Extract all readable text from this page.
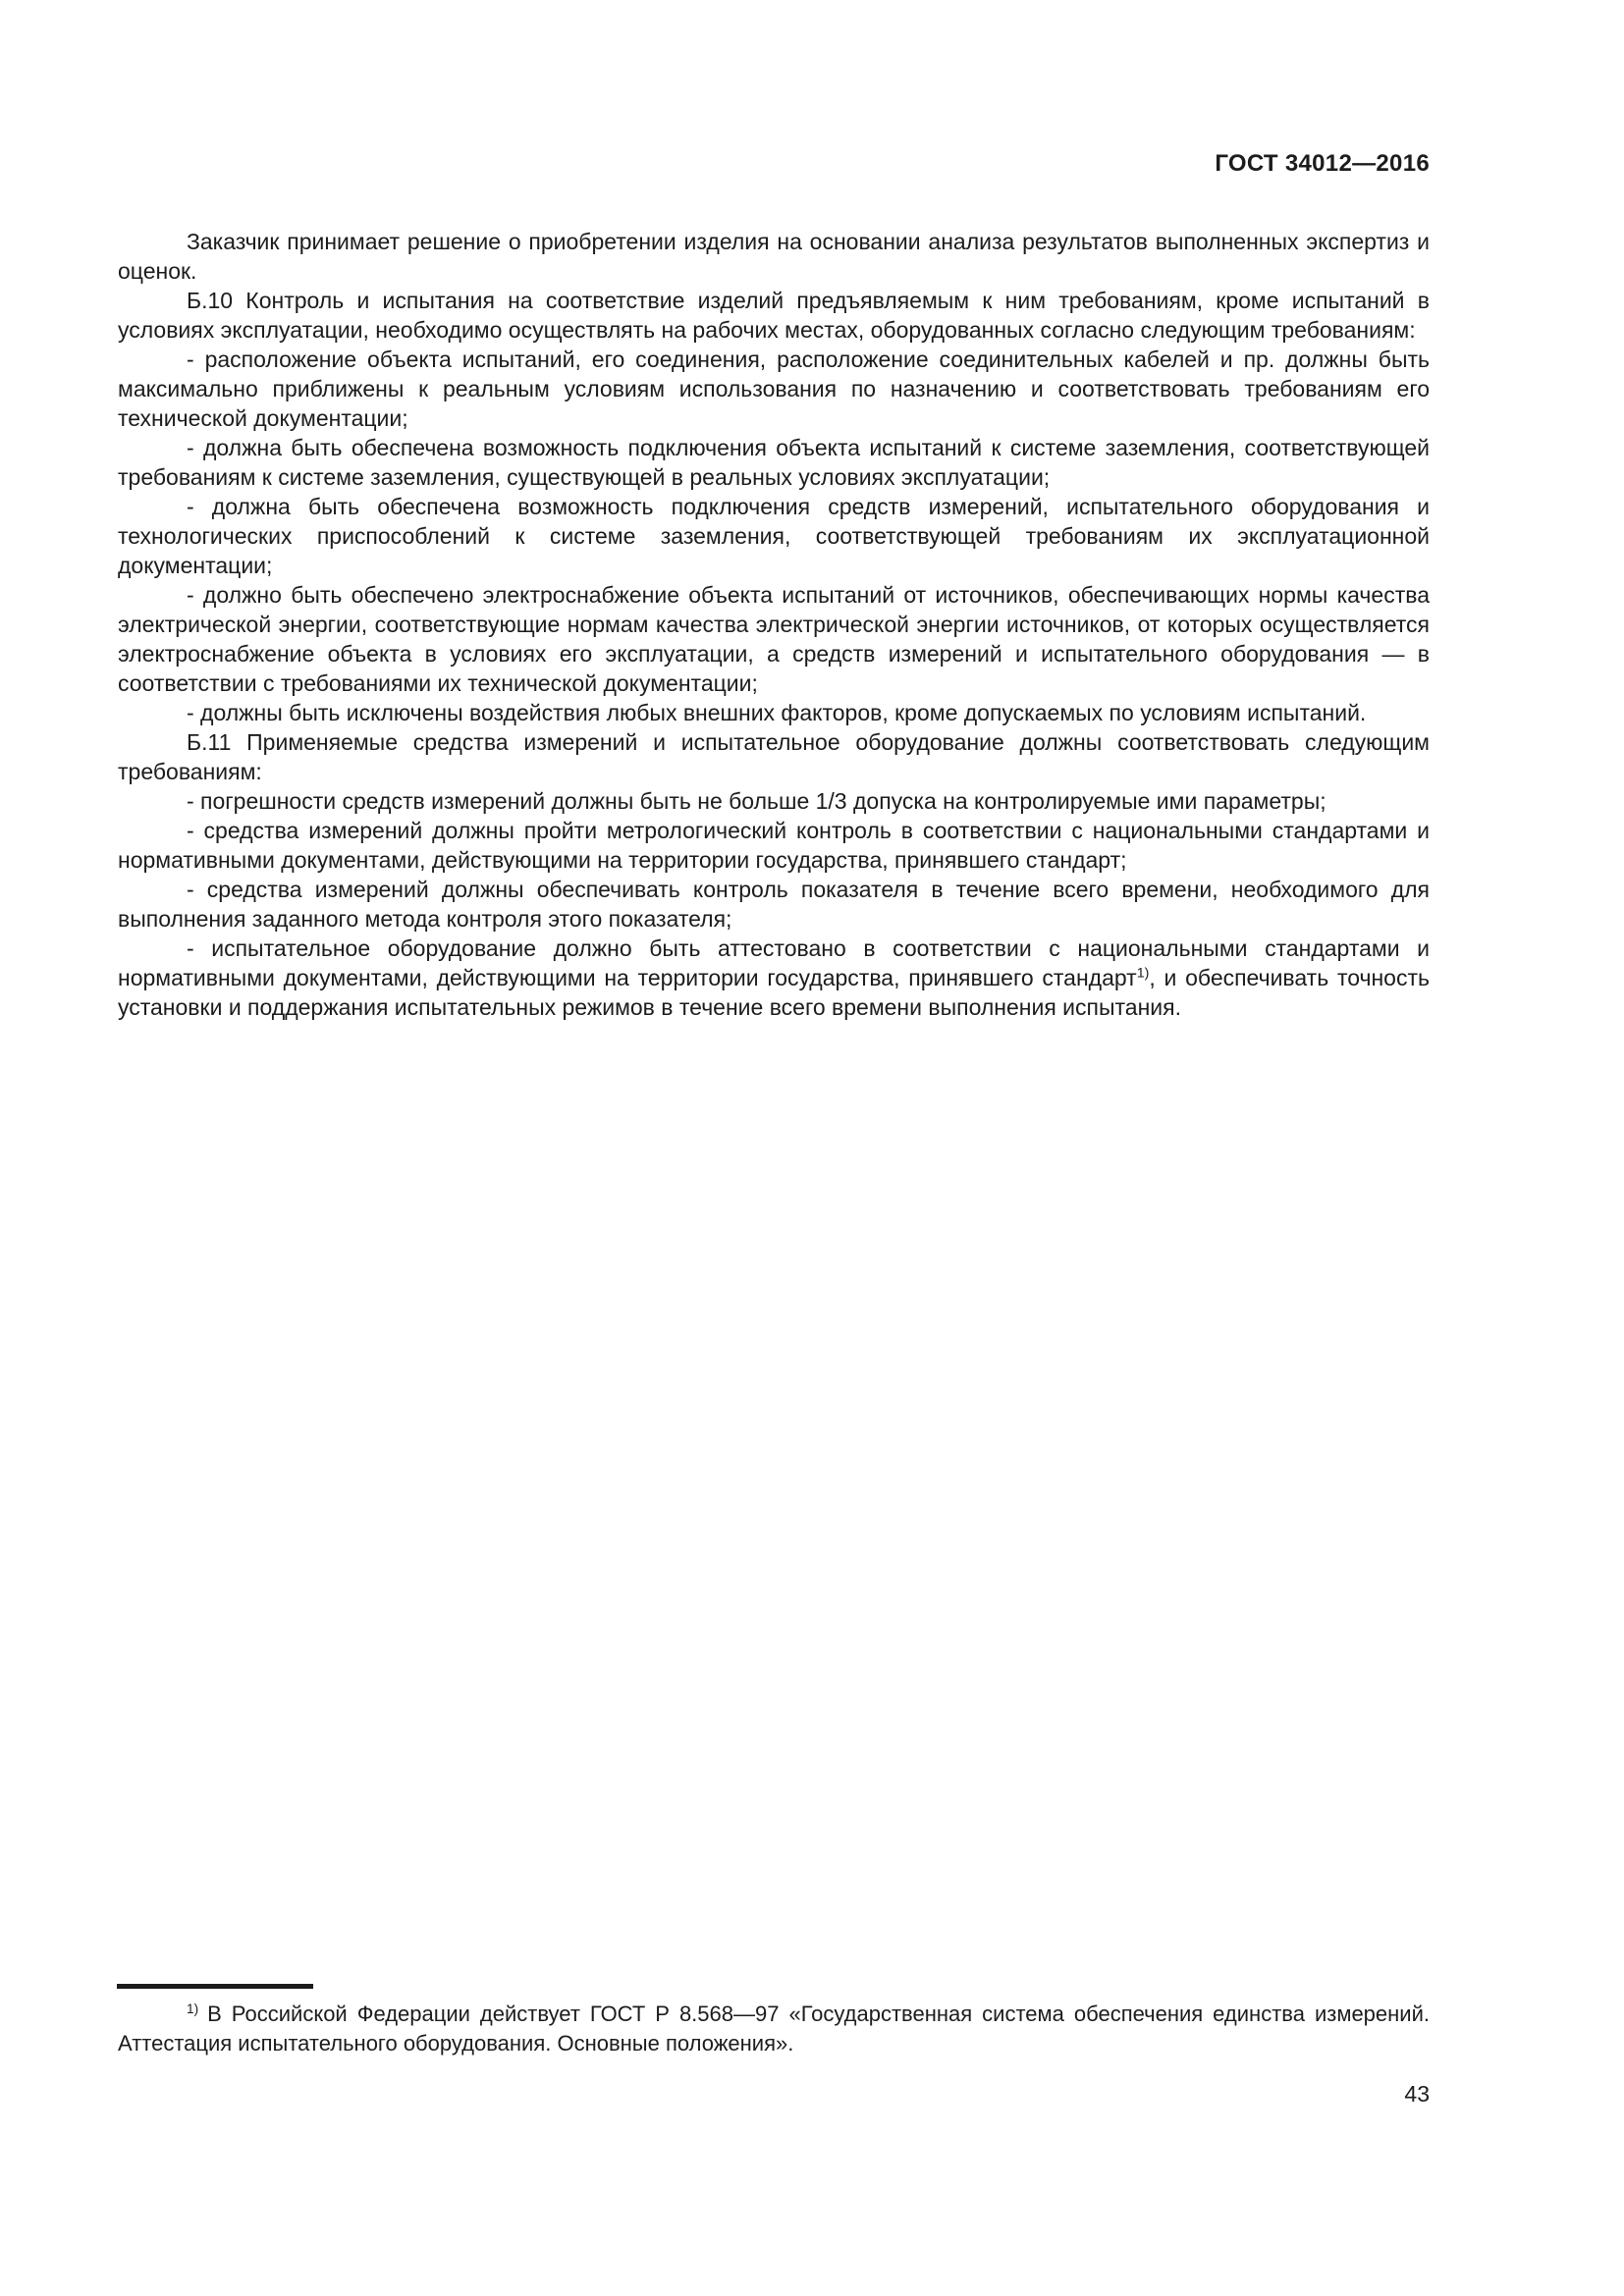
ГОСТ 34012—2016

Заказчик принимает решение о приобретении изделия на основании анализа результатов выполненных экспертиз и оценок.

Б.10 Контроль и испытания на соответствие изделий предъявляемым к ним требованиям, кроме испытаний в условиях эксплуатации, необходимо осуществлять на рабочих местах, оборудованных согласно следующим требованиям:

- расположение объекта испытаний, его соединения, расположение соединительных кабелей и пр. должны быть максимально приближены к реальным условиям использования по назначению и соответствовать требованиям его технической документации;

- должна быть обеспечена возможность подключения объекта испытаний к системе заземления, соответствующей требованиям к системе заземления, существующей в реальных условиях эксплуатации;

- должна быть обеспечена возможность подключения средств измерений, испытательного оборудования и технологических приспособлений к системе заземления, соответствующей требованиям их эксплуатационной документации;

- должно быть обеспечено электроснабжение объекта испытаний от источников, обеспечивающих нормы качества электрической энергии, соответствующие нормам качества электрической энергии источников, от которых осуществляется электроснабжение объекта в условиях его эксплуатации, а средств измерений и испытательного оборудования — в соответствии с требованиями их технической документации;

- должны быть исключены воздействия любых внешних факторов, кроме допускаемых по условиям испытаний.

Б.11 Применяемые средства измерений и испытательное оборудование должны соответствовать следующим требованиям:

- погрешности средств измерений должны быть не больше 1/3 допуска на контролируемые ими параметры;

- средства измерений должны пройти метрологический контроль в соответствии с национальными стандартами и нормативными документами, действующими на территории государства, принявшего стандарт;

- средства измерений должны обеспечивать контроль показателя в течение всего времени, необходимого для выполнения заданного метода контроля этого показателя;

- испытательное оборудование должно быть аттестовано в соответствии с национальными стандартами и нормативными документами, действующими на территории государства, принявшего стандарт$^{1)}$, и обеспечивать точность установки и поддержания испытательных режимов в течение всего времени выполнения испытания.

$^{1)}$ В Российской Федерации действует ГОСТ Р 8.568—97 «Государственная система обеспечения единства измерений. Аттестация испытательного оборудования. Основные положения».

43
